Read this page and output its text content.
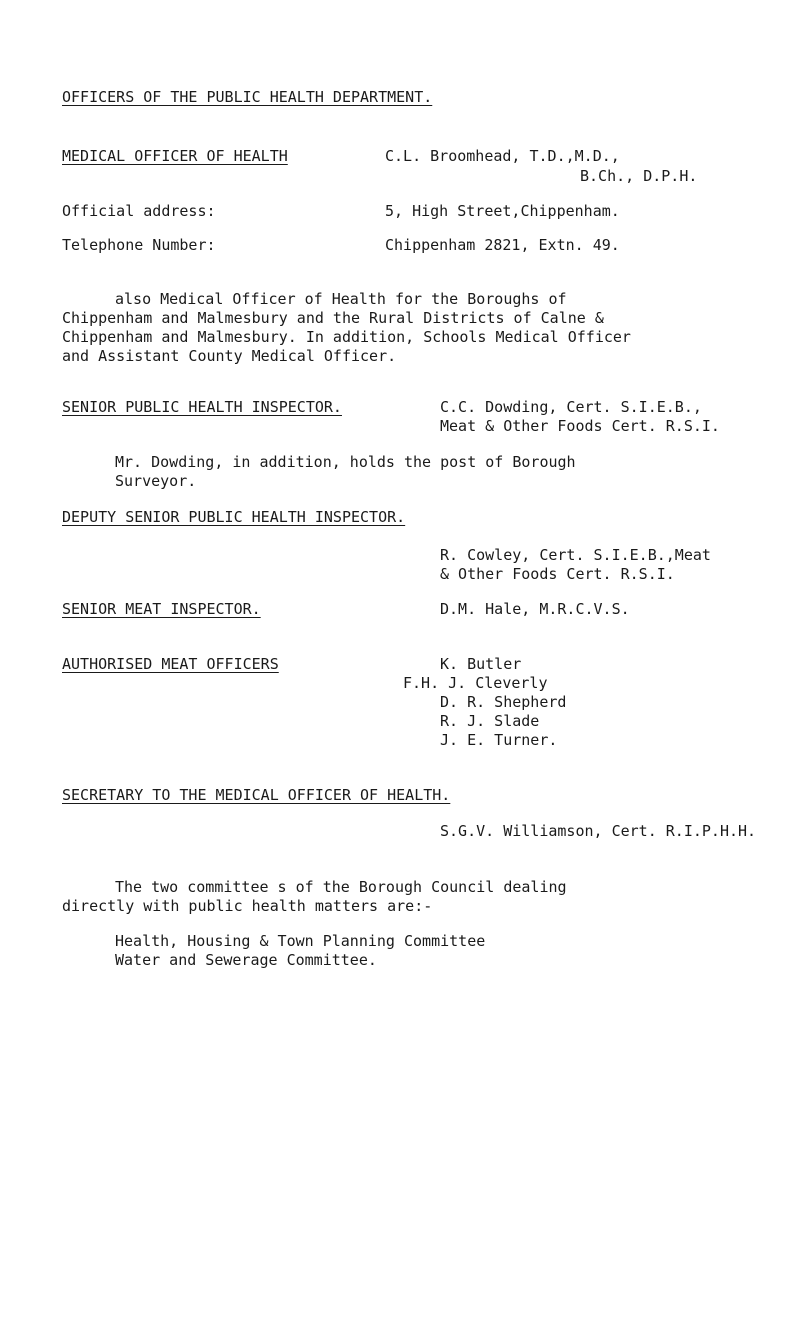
OFFICERS OF THE PUBLIC HEALTH DEPARTMENT.
MEDICAL OFFICER OF HEALTH	C.L. Broomhead, T.D.,M.D.,
B.Ch., D.P.H.
Official address:	5, High Street,Chippenham.
Telephone Number:	Chippenham 2821, Extn. 49.
also Medical Officer of Health for the Boroughs of
Chippenham and Malmesbury and the Rural Districts of Calne &
Chippenham and Malmesbury. In addition, Schools Medical Officer
and Assistant County Medical Officer.
SENIOR PUBLIC HEALTH INSPECTOR.	C.C. Dowding, Cert. S.I.E.B.,
Meat & Other Foods Cert. R.S.I.
Mr. Dowding, in addition, holds the post of Borough
Surveyor.
DEPUTY SENIOR PUBLIC HEALTH INSPECTOR.
R. Cowley, Cert. S.I.E.B.,Meat
& Other Foods Cert. R.S.I.
SENIOR MEAT INSPECTOR.	D.M. Hale, M.R.C.V.S.
AUTHORISED MEAT OFFICERS	K. Butler
F.H. J. Cleverly
D. R. Shepherd
R. J. Slade
J. E. Turner.
SECRETARY TO THE MEDICAL OFFICER OF HEALTH.
S.G.V. Williamson, Cert. R.I.P.H.H.
The two committee s of the Borough Council dealing
directly with public health matters are:-
Health, Housing & Town Planning Committee
Water and Sewerage Committee.
